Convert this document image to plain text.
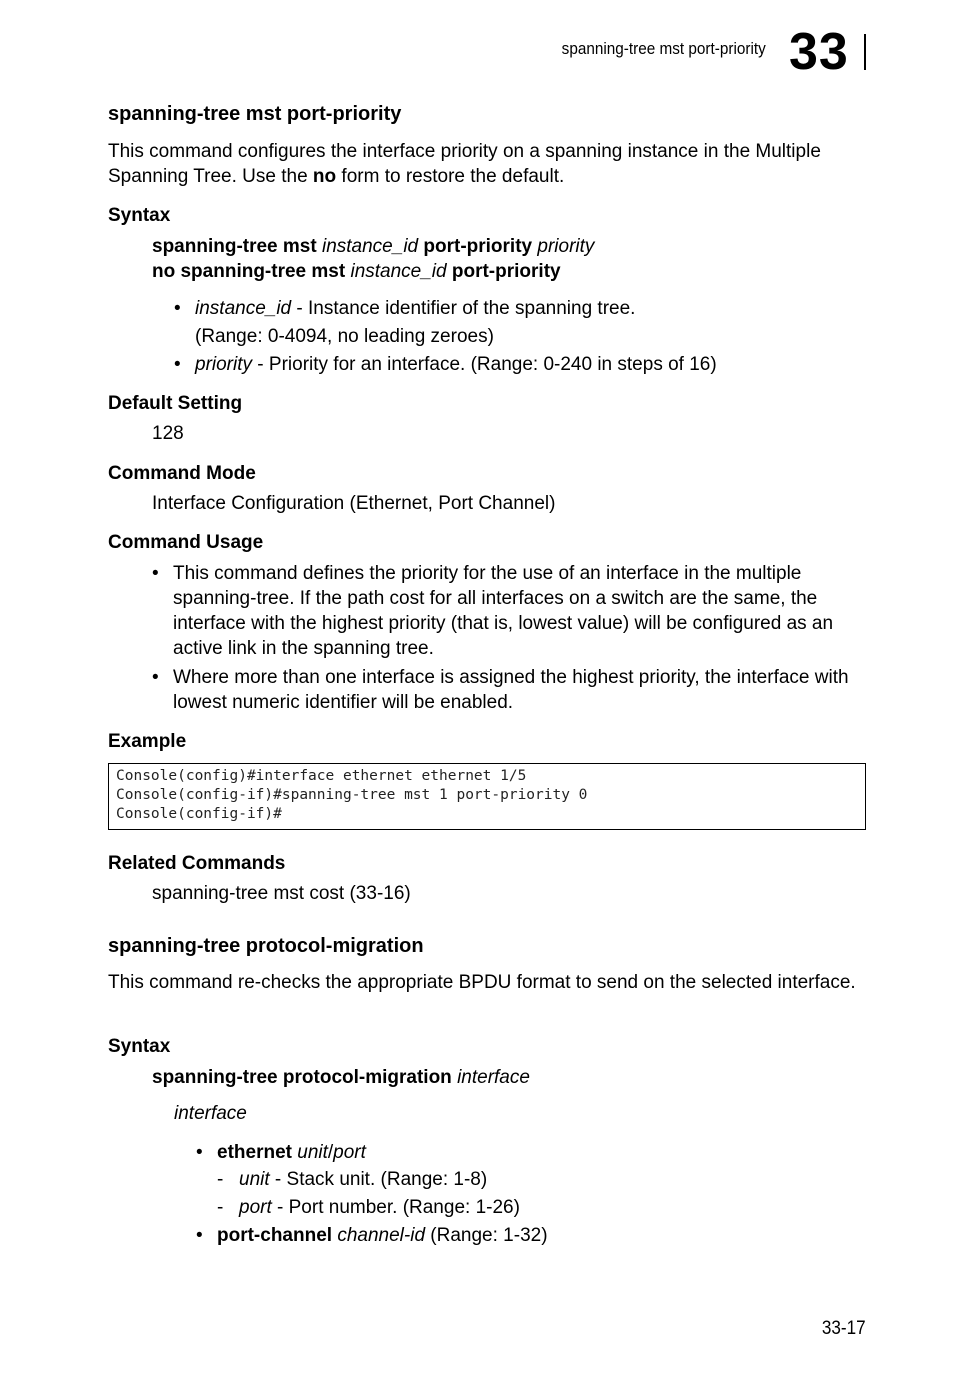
spanning-tree mst port-priority 33
spanning-tree mst port-priority
This command configures the interface priority on a spanning instance in the Multiple Spanning Tree. Use the no form to restore the default.
Syntax
spanning-tree mst instance_id port-priority priority
no spanning-tree mst instance_id port-priority
• instance_id - Instance identifier of the spanning tree.
(Range: 0-4094, no leading zeroes)
• priority - Priority for an interface. (Range: 0-240 in steps of 16)
Default Setting
128
Command Mode
Interface Configuration (Ethernet, Port Channel)
Command Usage
• This command defines the priority for the use of an interface in the multiple spanning-tree. If the path cost for all interfaces on a switch are the same, the interface with the highest priority (that is, lowest value) will be configured as an active link in the spanning tree.
• Where more than one interface is assigned the highest priority, the interface with lowest numeric identifier will be enabled.
Example
Console(config)#interface ethernet ethernet 1/5
Console(config-if)#spanning-tree mst 1 port-priority 0
Console(config-if)#
Related Commands
spanning-tree mst cost (33-16)
spanning-tree protocol-migration
This command re-checks the appropriate BPDU format to send on the selected interface.
Syntax
spanning-tree protocol-migration interface
interface
• ethernet unit/port
- unit - Stack unit. (Range: 1-8)
- port - Port number. (Range: 1-26)
• port-channel channel-id (Range: 1-32)
33-17
